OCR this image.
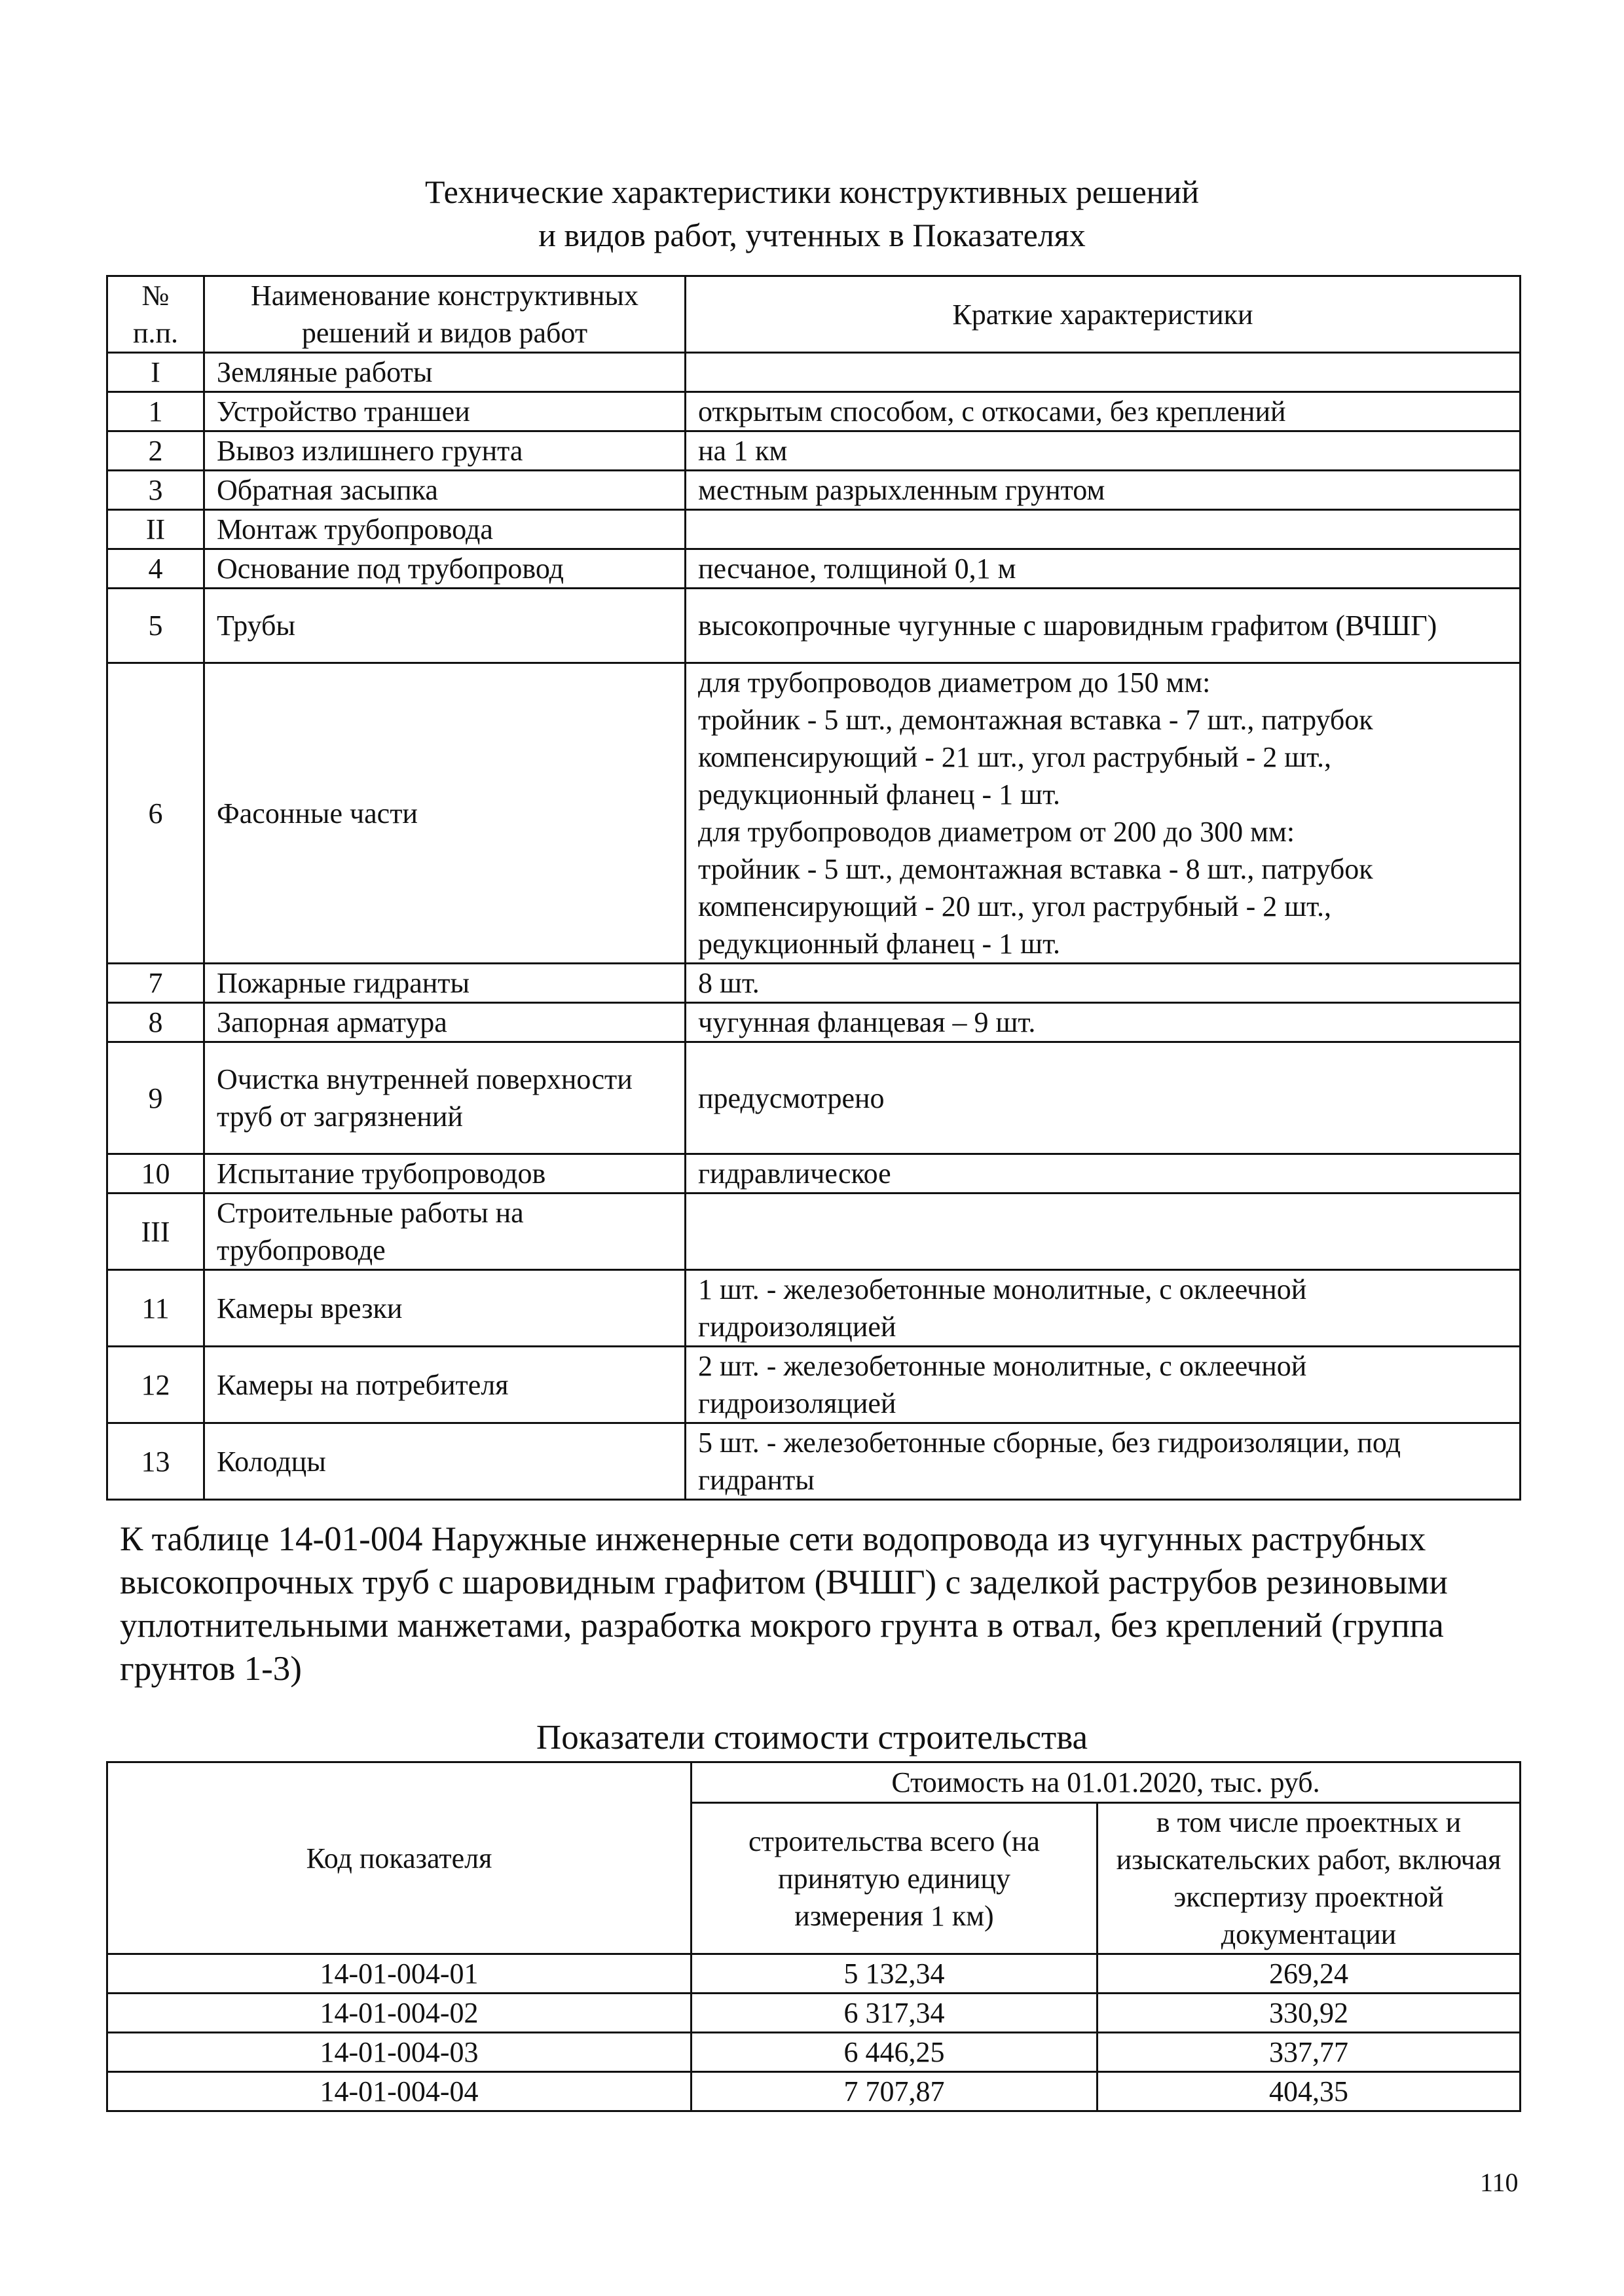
Технические характеристики конструктивных решений
и видов работ, учтенных в Показателях
№
п.п.	Наименование конструктивных решений и видов работ	Краткие характеристики
I	Земляные работы	
1	Устройство траншеи	открытым способом, с откосами, без креплений
2	Вывоз излишнего грунта	на 1 км
3	Обратная засыпка	местным разрыхленным грунтом
II	Монтаж трубопровода	
4	Основание под трубопровод	песчаное, толщиной 0,1 м
5	Трубы	высокопрочные чугунные с шаровидным графитом (ВЧШГ)
6	Фасонные части	для трубопроводов диаметром до 150 мм:
тройник - 5 шт., демонтажная вставка - 7 шт., патрубок компенсирующий - 21 шт., угол раструбный - 2 шт., редукционный фланец - 1 шт.
для трубопроводов диаметром от 200 до 300 мм:
тройник - 5 шт., демонтажная вставка - 8 шт., патрубок компенсирующий - 20 шт., угол раструбный - 2 шт., редукционный фланец - 1 шт.
7	Пожарные гидранты	8 шт.
8	Запорная арматура	чугунная фланцевая – 9 шт.
9	Очистка внутренней поверхности труб от загрязнений	предусмотрено
10	Испытание трубопроводов	гидравлическое
III	Строительные работы на трубопроводе	
11	Камеры врезки	1 шт. - железобетонные монолитные, с оклеечной гидроизоляцией
12	Камеры на потребителя	2 шт. - железобетонные монолитные, с оклеечной гидроизоляцией
13	Колодцы	5 шт. - железобетонные сборные, без гидроизоляции, под гидранты
К таблице 14-01-004 Наружные инженерные сети водопровода из чугунных раструбных высокопрочных труб с шаровидным графитом (ВЧШГ) с заделкой раструбов резиновыми уплотнительными манжетами, разработка мокрого грунта в отвал, без креплений (группа грунтов 1-3)
Показатели стоимости строительства
Код показателя	Стоимость на 01.01.2020, тыс. руб.	
	строительства всего (на принятую единицу измерения 1 км)	в том числе проектных и изыскательских работ, включая экспертизу проектной документации
14-01-004-01	5 132,34	269,24
14-01-004-02	6 317,34	330,92
14-01-004-03	6 446,25	337,77
14-01-004-04	7 707,87	404,35
110
